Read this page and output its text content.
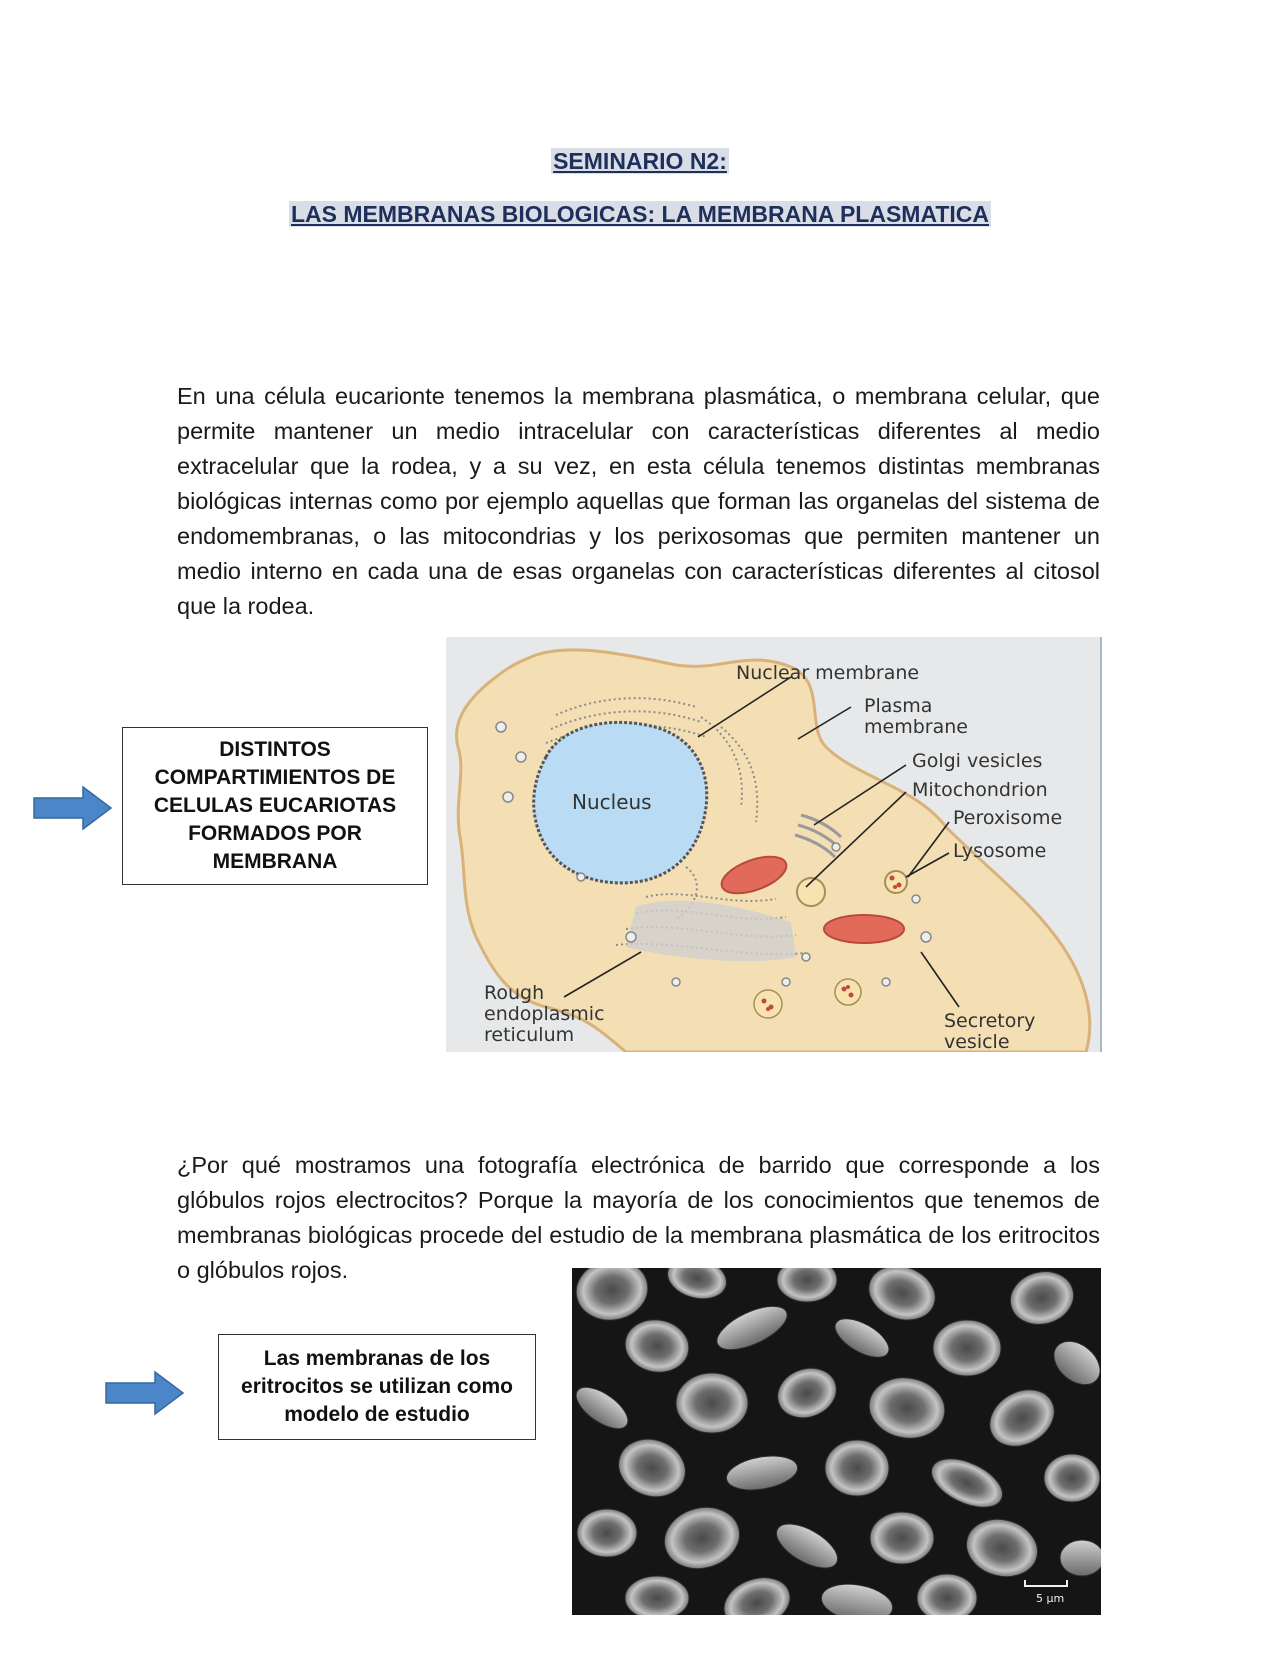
SEMINARIO N2:
LAS MEMBRANAS BIOLOGICAS: LA MEMBRANA PLASMATICA

En una célula eucarionte tenemos la membrana plasmática, o membrana celular, que permite mantener un medio intracelular con características diferentes al medio extracelular que la rodea, y a su vez, en esta célula tenemos distintas membranas biológicas internas como por ejemplo aquellas que forman las organelas del sistema de endomembranas, o las mitocondrias y los perixosomas que permiten mantener un medio interno en cada una de esas organelas con características diferentes al citosol que la rodea.

DISTINTOS COMPARTIMIENTOS DE CELULAS EUCARIOTAS FORMADOS POR MEMBRANA
Nucleus
Nuclear membrane
Plasma
membrane
Golgi vesicles
Mitochondrion
Peroxisome
Lysosome
Rough
endoplasmic
reticulum
Secretory
vesicle

¿Por qué mostramos una fotografía electrónica de barrido que corresponde a los glóbulos rojos electrocitos? Porque la mayoría de los conocimientos que tenemos de membranas biológicas procede del estudio de la membrana plasmática de los eritrocitos o glóbulos rojos.

Las membranas de los eritrocitos se utilizan como modelo de estudio
5 µm
